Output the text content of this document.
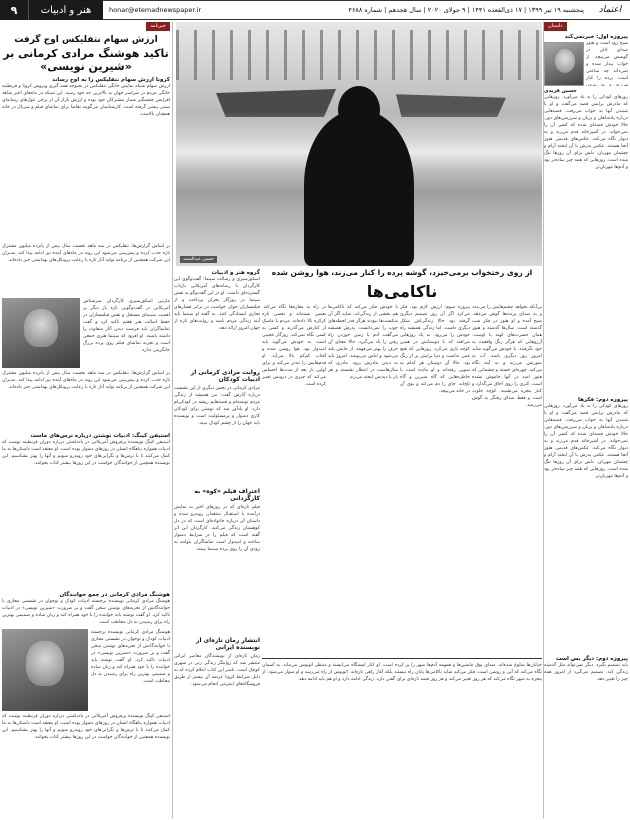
۹	هنر و ادبیات	honar@etemadnewspaper.ir	پنجشنبه ۱۹ تیر ۱۳۹۹ | ۱۷ ذی‌القعده ۱۴۴۱ | ۹ جولای ۲۰۲۰ | سال هجدهم | شماره ۴۶۸۸	اعتماد
خبرنامه
ارزش سهام نتفلیکس اوج گرفت
تاکید هوشنگ مرادی کرمانی بر «شیرین نویسی»
کرونا ارزش سهام نتفلیکس را به اوج رساند
ارزش سهام شبکه نمایش خانگی نتفلیکس در بحبوحه همه گیری ویروس کرونا و قرنطینه خانگی مردم در سراسر جهان به بالاترین حد خود رسید. این شبکه در ماه‌های اخیر شاهد افزایش چشمگیر شمار مشترکان خود بوده و ارزش بازار آن از برخی غول‌های رسانه‌ای سنتی پیشی گرفته است. کارشناسان می‌گویند تقاضا برای تماشای فیلم و سریال در خانه همچنان بالاست.
بر اساس گزارش‌ها، نتفلیکس در سه ماهه نخست سال بیش از پانزده میلیون مشترک تازه جذب کرده و پیش‌بینی می‌شود این روند در ماه‌های آینده نیز ادامه پیدا کند. مدیران این شرکت همچنین از برنامه تولید آثار تازه با رعایت پروتکل‌های بهداشتی خبر داده‌اند.
مارتین اسکورسیزی کارگردان سرشناس آمریکایی در گفت‌وگویی تازه بار دیگر بر اهمیت سینمای مستقل و نقش فیلمسازان در حفظ اصالت هنر هفتم تاکید کرد و گفت تماشاگران باید فرصت دیدن آثار متفاوت را داشته باشند. او افزود که سینما هنری جمعی است و تجربه تماشای فیلم روی پرده بزرگ جایگزینی ندارد.
بر اساس گزارش‌ها، نتفلیکس در سه ماهه نخست سال بیش از پانزده میلیون مشترک تازه جذب کرده و پیش‌بینی می‌شود این روند در ماه‌های آینده نیز ادامه پیدا کند. مدیران این شرکت همچنین از برنامه تولید آثار تازه با رعایت پروتکل‌های بهداشتی خبر داده‌اند.
استیفن کینگ: ادبیات نوشتن درباره ترس‌های ماست
استیفن کینگ نویسنده پرفروش آمریکایی در یادداشتی درباره دوران قرنطینه نوشت که ادبیات همواره پناهگاه انسان در روزهای دشوار بوده است. او معتقد است داستان‌ها به ما کمک می‌کنند تا با ترس‌ها و نگرانی‌های خود روبه‌رو شویم و آنها را بهتر بشناسیم. این نویسنده همچنین از خوانندگان خواست در این روزها بیشتر کتاب بخوانند.
هوشنگ مرادی کرمانی در جمع خوانندگان
هوشنگ مرادی کرمانی نویسنده برجسته ادبیات کودک و نوجوان در نشستی مجازی با خوانندگانش از تجربه‌های نوشتن سخن گفت و بر ضرورت «شیرین نویسی» در ادبیات تاکید کرد. او گفت نوشته باید خواننده را با خود همراه کند و زبان ساده و صمیمی بهترین راه برای رسیدن به دل مخاطب است.
هوشنگ مرادی کرمانی نویسنده برجسته ادبیات کودک و نوجوان در نشستی مجازی با خوانندگانش از تجربه‌های نوشتن سخن گفت و بر ضرورت «شیرین نویسی» در ادبیات تاکید کرد. او گفت نوشته باید خواننده را با خود همراه کند و زبان ساده و صمیمی بهترین راه برای رسیدن به دل مخاطب است.
استیفن کینگ نویسنده پرفروش آمریکایی در یادداشتی درباره دوران قرنطینه نوشت که ادبیات همواره پناهگاه انسان در روزهای دشوار بوده است. او معتقد است داستان‌ها به ما کمک می‌کنند تا با ترس‌ها و نگرانی‌های خود روبه‌رو شویم و آنها را بهتر بشناسیم. این نویسنده همچنین از خوانندگان خواست در این روزها بیشتر کتاب بخوانند.
گروه هنر و ادبیات
اسکورسیزی و رسالت سینما؛ گفت‌وگوی این کارگردان با رسانه‌های آمریکایی بازتاب گسترده‌ای داشت. او در این گفت‌وگو به نقش سینما در روزگار بحران پرداخت و از فیلمسازان جوان خواست در برابر فشارهای تجاری ایستادگی کنند. به گفته او سینما باید آینه زندگی مردم باشد و روایت‌های تازه از جهان امروز ارائه دهد.
روایت مرادی کرمانی از ادبیات کودکان
مرادی کرمانی در بخش دیگری از این نشست درباره آثارش گفت: من همیشه از زندگی مردم نوشته‌ام و قصه‌هایم ریشه در کودکی‌ام دارد. او یادآور شد که نوشتن برای کودکان کاری دشوار و پرمسئولیت است و نویسنده باید جهان را از چشم کودک ببیند.
اعتراف فیلم «کوه» به کارگردانی
فیلم تازه‌ای که در روزهای اخیر به نمایش درآمده با استقبال منتقدان روبه‌رو شده و داستان آن درباره خانواده‌ای است که در دل کوهستان زندگی می‌کنند. کارگردان این اثر گفته است که فیلم را در شرایط دشوار ساخته و امیدوار است تماشاگران بتوانند به زودی آن را روی پرده سینما ببینند.
انتشار رمان تازه‌ای از نویسنده ایرانی
رمان تازه‌ای از نویسندگان معاصر ایرانی منتشر شد که روایتگر زندگی زنی در شهری کوچک است. ناشر این کتاب اعلام کرده که به دلیل شرایط کرونا عرضه آن بیشتر از طریق فروشگاه‌های اینترنتی انجام می‌شود.
حسین عبدالصمد
از روی رختخواب برمی‌خیزد، گوشه پرده را کنار می‌زند، هوا روشن شده
ناکامی‌ها
بی‌آنکه بخواهد چشم‌هایش را می‌بندد و به صدای پرنده‌ها گوش می‌دهد. صبح آمده و او هنوز در فکر شب گذشته است. سال‌ها گذشته و هنوز همان حسرت‌های کهنه با اوست. آرزوهایی که هرگز رنگ واقعیت به خود نگرفتند. با خودش می‌گوید شاید امروز روز دیگری باشد. آب به صورتش می‌زند و به آینه نگاه می‌کند. چهره‌ای خسته و چشمانی که هنوز امید در آنها خاموش نشده است. کتری را روی اجاق می‌گذارد و کنار پنجره می‌نشیند. کوچه خلوت است و فقط صدای رفتگر به گوش می‌رسد.
پیروزه سوم: ارزش لازم بود. فکر می‌کرد اگر آن روز تصمیم دیگری گرفته بود حالا زندگی‌اش شکل دیگری داشت. اما زندگی همیشه راه خودش را می‌رود. به یاد روزهایی می‌افتد که با دوستانش در همین کوچه بازی می‌کرد. روزهایی که هیچ غمی نداشت و دنیا برایش پر از رنگ بود. حالا آن دوستان هر کدام به سویی رفته‌اند و او مانده است با خاطره‌هایی که گاه شیرین و گاه تلخ‌اند. چای را دم می‌کند و بوی آن در خانه می‌پیچد.
با خودش فکر می‌کند که ناکامی‌ها هم بخشی از زندگی‌اند. شاید اگر آن شکست‌ها نبودند هرگز قدر لحظه‌های خوب را نمی‌دانست. پدرش همیشه می‌گفت آدم با زمین خوردن راه رفتن را یاد می‌گیرد. حالا معنای آن حرف را بهتر می‌فهمد. از جایش بلند می‌شود و لباس می‌پوشد. امروز باید به دیدن مادرش برود. مادری که سال‌هاست در انتظار نشسته و هر بار با دیدنش لبخند می‌زند.
در راه به مغازه‌ها نگاه می‌کند. بعضی بسته‌اند و بعضی تازه کرکره بالا داده‌اند. مردم با ماسک از کنارش می‌گذرند و کسی به کسی نگاه نمی‌کند. روزگار عجیبی است. به خودش می‌گوید باید امیدوار بود. هوا روشن شده و آفتاب کم‌کم بالا می‌آید. او قدم‌هایش را تندتر می‌کند و برای اولین بار بعد از مدت‌ها احساس می‌کند که چیزی در درونش تغییر کرده است.
خیابان‌ها شلوغ شده‌اند. صدای بوق ماشین‌ها و همهمه آدم‌ها شهر را پر کرده است. او کنار ایستگاه می‌ایستد و منتظر اتوبوس می‌ماند. به آسمان نگاه می‌کند که آبی و روشن است. فکر می‌کند شاید ناکامی‌ها پایان راه نیستند بلکه آغاز راهی تازه‌اند. اتوبوس از راه می‌رسد و او سوار می‌شود. از پنجره به شهر نگاه می‌کند که هر روز تغییر می‌کند و هر روز قصه تازه‌ای برای گفتن دارد. زندگی ادامه دارد و او هم باید ادامه دهد.
داستان
پیروزه اول: خبرنمی‌کند
صبح زود است و هنوز صدای اذان در گوشش می‌پیچد. از خواب بیدار شده و نمی‌داند چه ساعتی است. پرده را کنار می‌زند و به بیرون
حسین فریدی
روزهای کودکی را به یاد می‌آورد. روزهایی که مادرش برایش قصه می‌گفت و او با شنیدن آنها به خواب می‌رفت. قصه‌هایی درباره پادشاهان و پریان و سرزمین‌های دور. حالا خودش قصه‌ای شده که کسی آن را نمی‌خواند. در آشپزخانه قدم می‌زند و به دیوار نگاه می‌کند. عکس‌های قدیمی هنوز آنجا هستند. عکس پدرش با آن لبخند آرام و چشمان مهربان. دلش برای آن روزها تنگ شده است. روزهایی که همه چیز ساده‌تر بود و آدم‌ها مهربان‌تر.
پیروزه دوم: فکرها
روزهای کودکی را به یاد می‌آورد. روزهایی که مادرش برایش قصه می‌گفت و او با شنیدن آنها به خواب می‌رفت. قصه‌هایی درباره پادشاهان و پریان و سرزمین‌های دور. حالا خودش قصه‌ای شده که کسی آن را نمی‌خواند. در آشپزخانه قدم می‌زند و به دیوار نگاه می‌کند. عکس‌های قدیمی هنوز آنجا هستند. عکس پدرش با آن لبخند آرام و چشمان مهربان. دلش برای آن روزها تنگ شده است. روزهایی که همه چیز ساده‌تر بود و آدم‌ها مهربان‌تر.
پیروزه دوم: دیگر بس است
باید تصمیم بگیرد. دیگر نمی‌تواند مثل گذشته زندگی کند. تصمیم می‌گیرد از امروز همه چیز را تغییر دهد.
